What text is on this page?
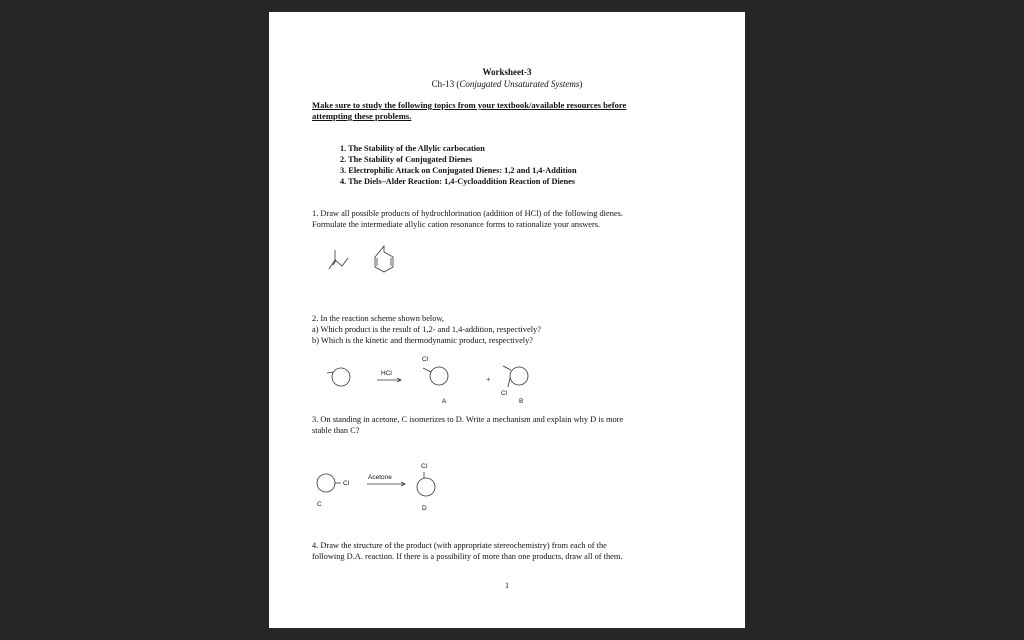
Worksheet-3
Ch-13 (Conjugated Unsaturated Systems)
Make sure to study the following topics from your textbook/available resources before
attempting these problems.
1. The Stability of the Allylic carbocation
2. The Stability of Conjugated Dienes
3. Electrophilic Attack on Conjugated Dienes: 1,2 and 1,4-Addition
4. The Diels–Alder Reaction: 1,4-Cycloaddition Reaction of Dienes
1. Draw all possible products of hydrochlorination (addition of HCl) of the following dienes.
Formulate the intermediate allylic cation resonance forms to rationalize your answers.
2. In the reaction scheme shown below,
a) Which product is the result of 1,2- and 1,4-addition, respectively?
b) Which is the kinetic and thermodynamic product, respectively?
HCl
Cl
A
+
Cl
B
3. On standing in acetone, C isomerizes to D. Write a mechanism and explain why D is more
stable than C?
Cl
Acetone
Cl
C
D
4. Draw the structure of the product (with appropriate stereochemistry) from each of the
following D.A. reaction. If there is a possibility of more than one products, draw all of them.
1
